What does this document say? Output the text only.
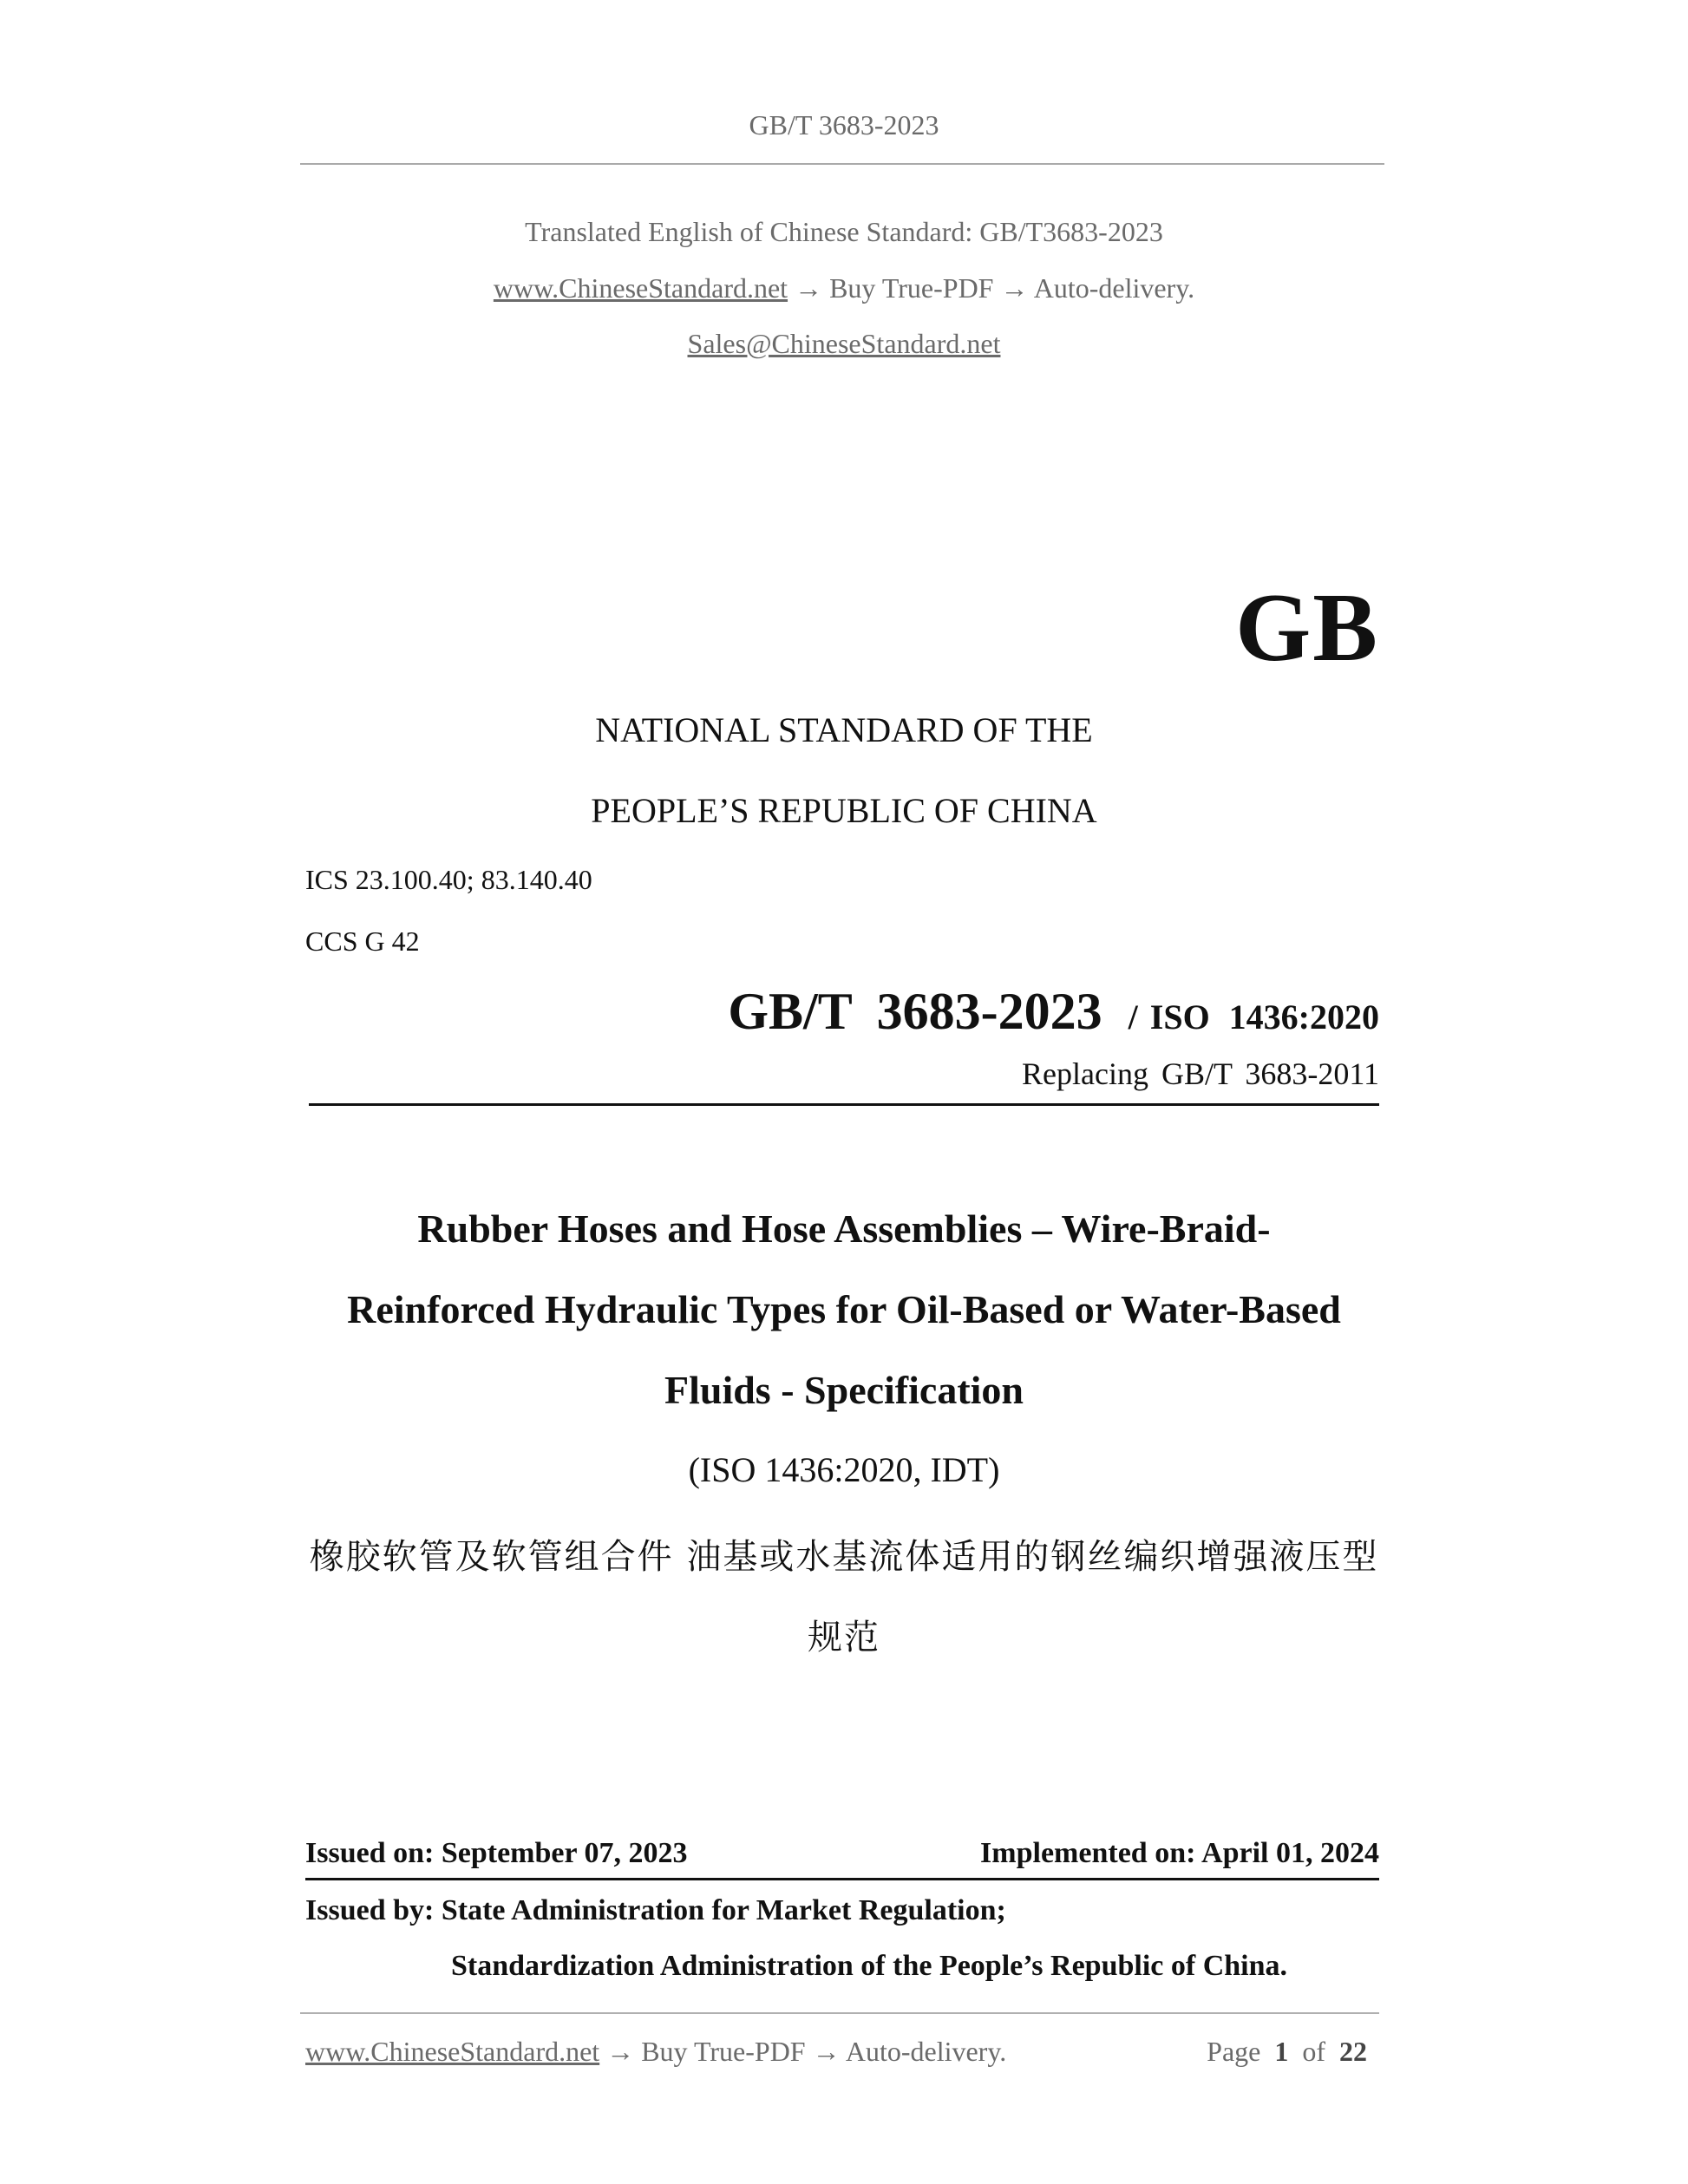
GB/T 3683-2023
Translated English of Chinese Standard: GB/T3683-2023
www.ChineseStandard.net → Buy True-PDF → Auto-delivery.
Sales@ChineseStandard.net
GB
NATIONAL STANDARD OF THE
PEOPLE’S REPUBLIC OF CHINA
ICS 23.100.40; 83.140.40
CCS G 42
GB/T 3683-2023 / ISO 1436:2020
Replacing GB/T 3683-2011
Rubber Hoses and Hose Assemblies – Wire-Braid-
Reinforced Hydraulic Types for Oil-Based or Water-Based
Fluids - Specification
(ISO 1436:2020, IDT)
橡胶软管及软管组合件 油基或水基流体适用的钢丝编织增强液压型
规范
Issued on: September 07, 2023	Implemented on: April 01, 2024
Issued by: State Administration for Market Regulation;
Standardization Administration of the People’s Republic of China.
www.ChineseStandard.net → Buy True-PDF → Auto-delivery.	Page 1 of 22
